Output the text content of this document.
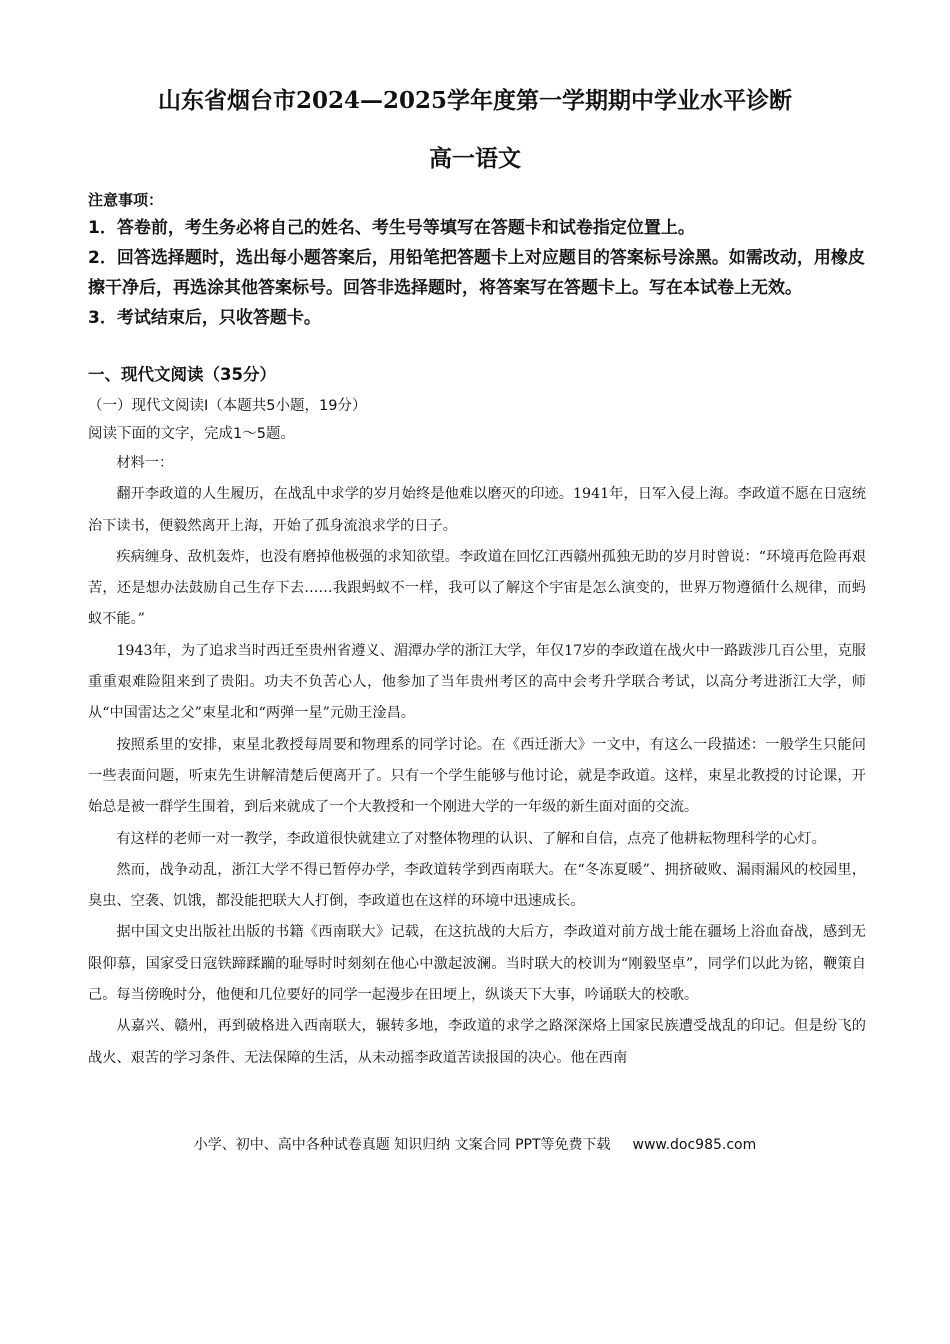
山东省烟台市2024—2025学年度第一学期期中学业水平诊断
高一语文
注意事项：
1．答卷前，考生务必将自己的姓名、考生号等填写在答题卡和试卷指定位置上。
2．回答选择题时，选出每小题答案后，用铅笔把答题卡上对应题目的答案标号涂黑。如需改动，用橡皮擦干净后，再选涂其他答案标号。回答非选择题时，将答案写在答题卡上。写在本试卷上无效。
3．考试结束后，只收答题卡。
一、现代文阅读（35分）
（一）现代文阅读Ⅰ（本题共5小题，19分）
阅读下面的文字，完成1～5题。

材料一：

翻开李政道的人生履历，在战乱中求学的岁月始终是他难以磨灭的印迹。1941年，日军入侵上海。李政道不愿在日寇统治下读书，便毅然离开上海，开始了孤身流浪求学的日子。

疾病缠身、敌机轰炸，也没有磨掉他极强的求知欲望。李政道在回忆江西赣州孤独无助的岁月时曾说：“环境再危险再艰苦，还是想办法鼓励自己生存下去……我跟蚂蚁不一样，我可以了解这个宇宙是怎么演变的，世界万物遵循什么规律，而蚂蚁不能。”

1943年，为了追求当时西迁至贵州省遵义、湄潭办学的浙江大学，年仅17岁的李政道在战火中一路跋涉几百公里，克服重重艰难险阻来到了贵阳。功夫不负苦心人，他参加了当年贵州考区的高中会考升学联合考试，以高分考进浙江大学，师从“中国雷达之父”束星北和“两弹一星”元勋王淦昌。

按照系里的安排，束星北教授每周要和物理系的同学讨论。在《西迁浙大》一文中，有这么一段描述：一般学生只能问一些表面问题，听束先生讲解清楚后便离开了。只有一个学生能够与他讨论，就是李政道。这样，束星北教授的讨论课，开始总是被一群学生围着，到后来就成了一个大教授和一个刚进大学的一年级的新生面对面的交流。

有这样的老师一对一教学，李政道很快就建立了对整体物理的认识、了解和自信，点亮了他耕耘物理科学的心灯。

然而，战争动乱，浙江大学不得已暂停办学，李政道转学到西南联大。在“冬冻夏暖”、拥挤破败、漏雨漏风的校园里，臭虫、空袭、饥饿，都没能把联大人打倒，李政道也在这样的环境中迅速成长。

据中国文史出版社出版的书籍《西南联大》记载，在这抗战的大后方，李政道对前方战士能在疆场上浴血奋战，感到无限仰慕，国家受日寇铁蹄蹂躏的耻辱时时刻刻在他心中激起波澜。当时联大的校训为“刚毅坚卓”，同学们以此为铭，鞭策自己。每当傍晚时分，他便和几位要好的同学一起漫步在田埂上，纵谈天下大事，吟诵联大的校歌。

从嘉兴、赣州，再到破格进入西南联大，辗转多地，李政道的求学之路深深烙上国家民族遭受战乱的印记。但是纷飞的战火、艰苦的学习条件、无法保障的生活，从未动摇李政道苦读报国的决心。他在西南

小学、初中、高中各种试卷真题 知识归纳 文案合同 PPT等免费下载 www.doc985.com
